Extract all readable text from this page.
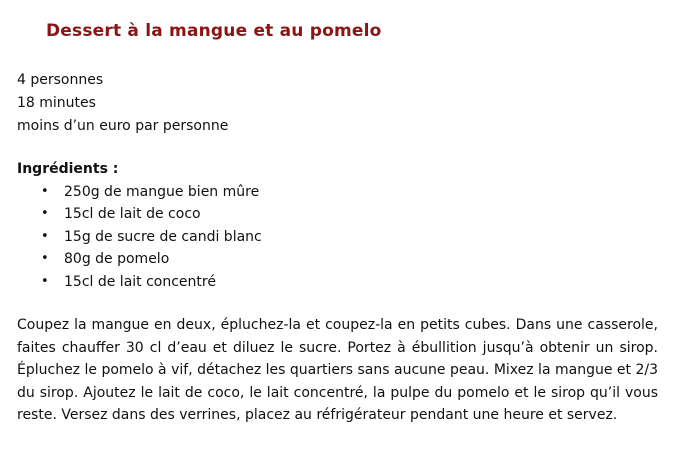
Dessert à la mangue et au pomelo
4 personnes
18 minutes
moins d’un euro par personne
Ingrédients :
• 250g de mangue bien mûre
• 15cl de lait de coco
• 15g de sucre de candi blanc
• 80g de pomelo
• 15cl de lait concentré

Coupez la mangue en deux, épluchez-la et coupez-la en petits cubes. Dans une casserole, faites chauffer 30 cl d’eau et diluez le sucre. Portez à ébullition jusqu’à obtenir un sirop. Épluchez le pomelo à vif, détachez les quartiers sans aucune peau. Mixez la mangue et 2/3 du sirop. Ajoutez le lait de coco, le lait concentré, la pulpe du pomelo et le sirop qu’il vous reste. Versez dans des verrines, placez au réfrigérateur pendant une heure et servez.
